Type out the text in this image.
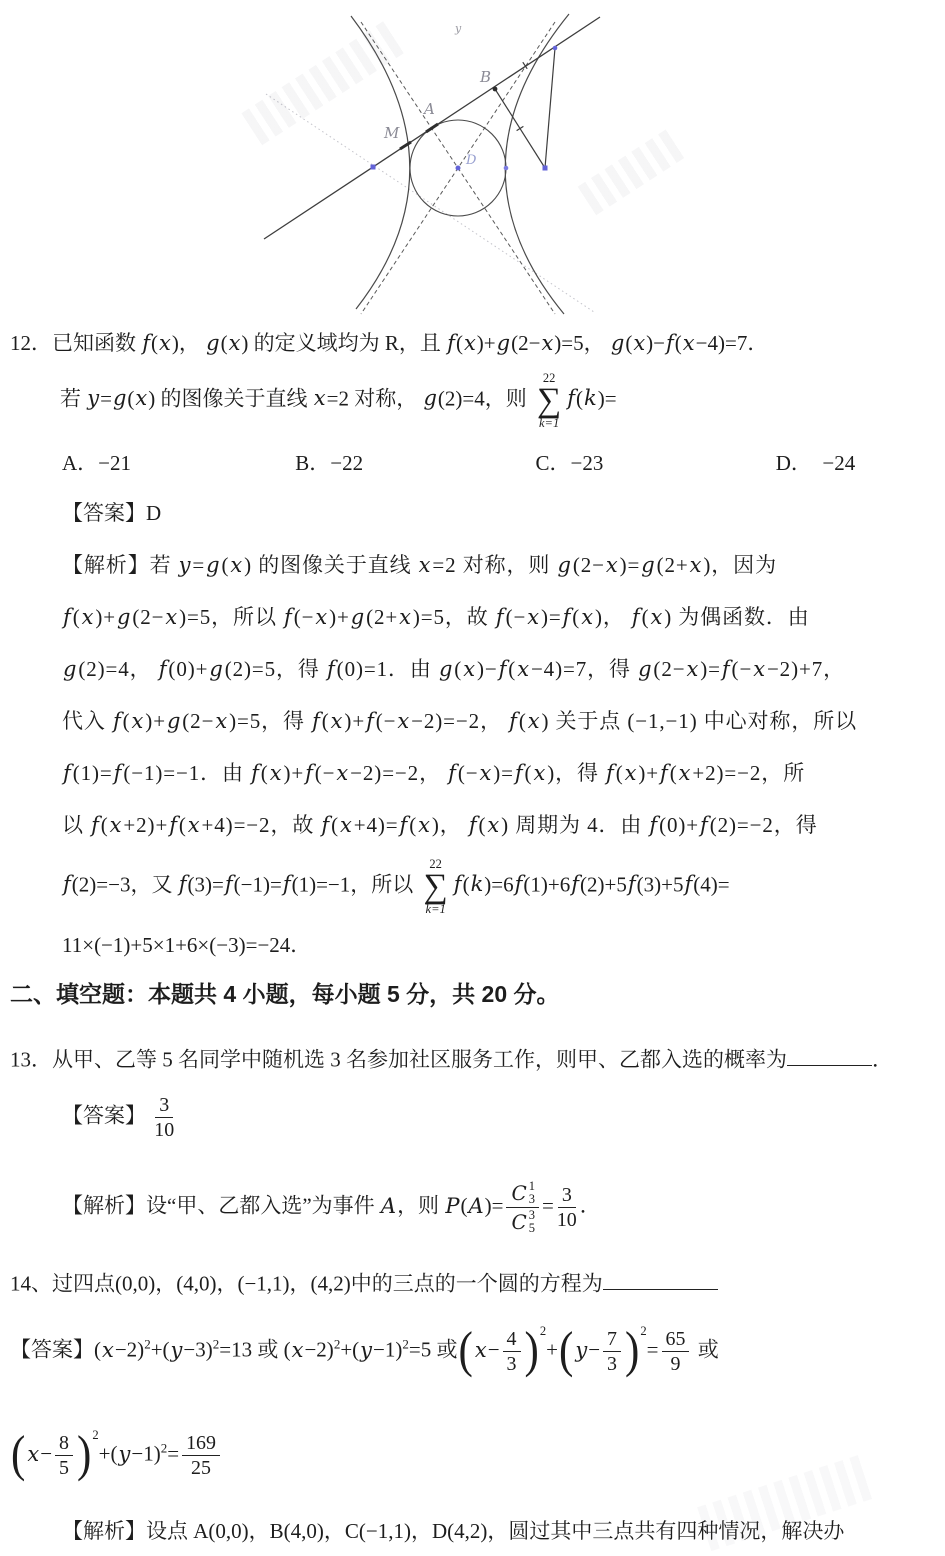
B
A
M
D
y
12．已知函数 f(x)， g(x) 的定义域均为 R，且 f(x)+g(2−x)=5， g(x)−f(x−4)=7．
若 y=g(x) 的图像关于直线 x=2 对称， g(2)=4，则
22
∑
k=1
f(k)=
A．−21	B．−22	C．−23	D．　−24
【答案】D
【解析】若 y=g(x) 的图像关于直线 x=2 对称，则 g(2−x)=g(2+x)，因为
f(x)+g(2−x)=5，所以 f(−x)+g(2+x)=5，故 f(−x)=f(x)， f(x) 为偶函数．由
g(2)=4， f(0)+g(2)=5，得 f(0)=1．由 g(x)−f(x−4)=7，得 g(2−x)=f(−x−2)+7，
代入 f(x)+g(2−x)=5，得 f(x)+f(−x−2)=−2， f(x) 关于点 (−1,−1) 中心对称，所以
f(1)=f(−1)=−1．由 f(x)+f(−x−2)=−2， f(−x)=f(x)，得 f(x)+f(x+2)=−2，所
以 f(x+2)+f(x+4)=−2，故 f(x+4)=f(x)， f(x) 周期为 4．由 f(0)+f(2)=−2，得
f(2)=−3，又 f(3)=f(−1)=f(1)=−1，所以
22
∑
k=1
f(k)=6f(1)+6f(2)+5f(3)+5f(4)=
11×(−1)+5×1+6×(−3)=−24．
二、填空题：本题共 4 小题，每小题 5 分，共 20 分。
13．从甲、乙等 5 名同学中随机选 3 名参加社区服务工作，则甲、乙都入选的概率为	．
【答案】 $\frac{3}{10}$
【解析】设“甲、乙都入选”为事件 A，则 P(A)= C 1
3
C 3
$5 = \frac{3}{10}$ ．
14、过四点(0,0)，(4,0)，(−1,1)，(4,2)中的三点的一个圆的方程为
【答案】$(x-2)^2+(y-3)^2=13$ 或 $(x-2)^2+(y-1)^2=5$ 或$(x- \frac{4}{3} )^2+(y- \frac{7}{3} )^2= \frac{65}{9}$ 或
$(x- \frac{8}{5} )^2+(y-1)^2= \frac{169}{25}$
【解析】设点 A(0,0)，B(4,0)，C(−1,1)，D(4,2)，圆过其中三点共有四种情况，解决办
